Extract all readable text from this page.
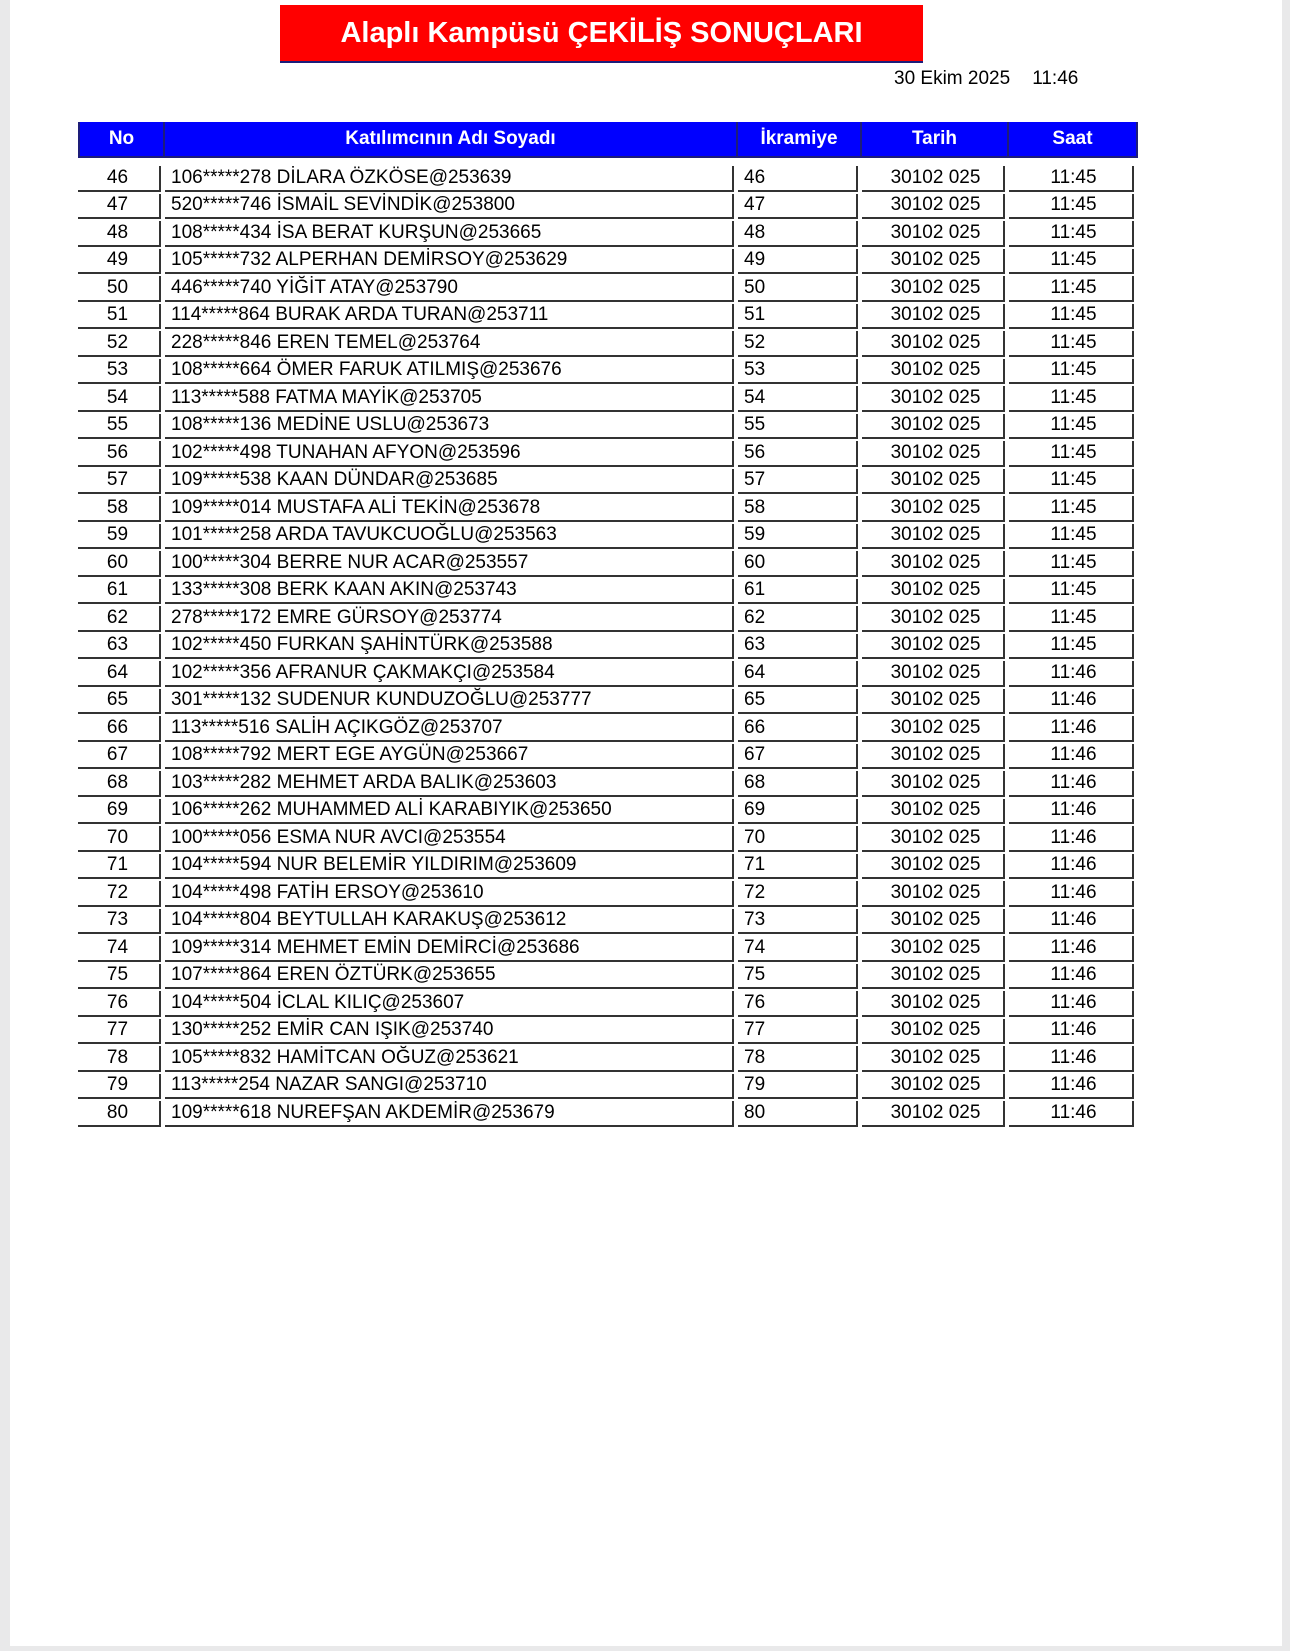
Alaplı Kampüsü ÇEKİLİŞ SONUÇLARI
30 Ekim 2025 11:46
No	Katılımcının Adı Soyadı	İkramiye	Tarih	Saat
46	106*****278 DİLARA ÖZKÖSE@253639	46	30102 025	11:45
47	520*****746 İSMAİL SEVİNDİK@253800	47	30102 025	11:45
48	108*****434 İSA BERAT KURŞUN@253665	48	30102 025	11:45
49	105*****732 ALPERHAN DEMİRSOY@253629	49	30102 025	11:45
50	446*****740 YİĞİT ATAY@253790	50	30102 025	11:45
51	114*****864 BURAK ARDA TURAN@253711	51	30102 025	11:45
52	228*****846 EREN TEMEL@253764	52	30102 025	11:45
53	108*****664 ÖMER FARUK ATILMIŞ@253676	53	30102 025	11:45
54	113*****588 FATMA MAYİK@253705	54	30102 025	11:45
55	108*****136 MEDİNE USLU@253673	55	30102 025	11:45
56	102*****498 TUNAHAN AFYON@253596	56	30102 025	11:45
57	109*****538 KAAN DÜNDAR@253685	57	30102 025	11:45
58	109*****014 MUSTAFA ALİ TEKİN@253678	58	30102 025	11:45
59	101*****258 ARDA TAVUKCUOĞLU@253563	59	30102 025	11:45
60	100*****304 BERRE NUR ACAR@253557	60	30102 025	11:45
61	133*****308 BERK KAAN AKIN@253743	61	30102 025	11:45
62	278*****172 EMRE GÜRSOY@253774	62	30102 025	11:45
63	102*****450 FURKAN ŞAHİNTÜRK@253588	63	30102 025	11:45
64	102*****356 AFRANUR ÇAKMAKÇI@253584	64	30102 025	11:46
65	301*****132 SUDENUR KUNDUZOĞLU@253777	65	30102 025	11:46
66	113*****516 SALİH AÇIKGÖZ@253707	66	30102 025	11:46
67	108*****792 MERT EGE AYGÜN@253667	67	30102 025	11:46
68	103*****282 MEHMET ARDA BALIK@253603	68	30102 025	11:46
69	106*****262 MUHAMMED ALİ KARABIYIK@253650	69	30102 025	11:46
70	100*****056 ESMA NUR AVCI@253554	70	30102 025	11:46
71	104*****594 NUR BELEMİR YILDIRIM@253609	71	30102 025	11:46
72	104*****498 FATİH ERSOY@253610	72	30102 025	11:46
73	104*****804 BEYTULLAH KARAKUŞ@253612	73	30102 025	11:46
74	109*****314 MEHMET EMİN DEMİRCİ@253686	74	30102 025	11:46
75	107*****864 EREN ÖZTÜRK@253655	75	30102 025	11:46
76	104*****504 İCLAL KILIÇ@253607	76	30102 025	11:46
77	130*****252 EMİR CAN IŞIK@253740	77	30102 025	11:46
78	105*****832 HAMİTCAN OĞUZ@253621	78	30102 025	11:46
79	113*****254 NAZAR SANGI@253710	79	30102 025	11:46
80	109*****618 NUREFŞAN AKDEMİR@253679	80	30102 025	11:46
